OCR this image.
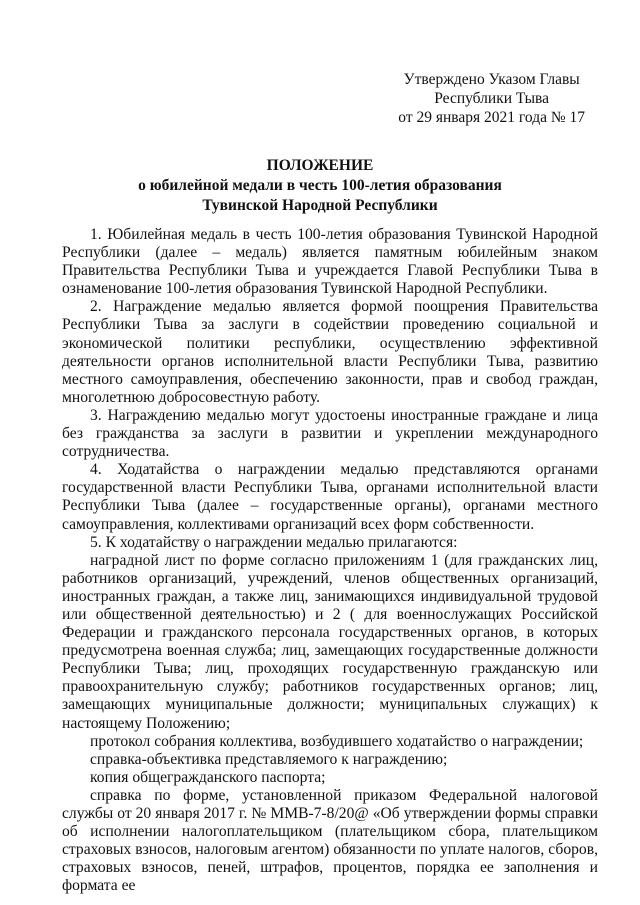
Утверждено Указом Главы
Республики Тыва
от 29 января 2021 года № 17
ПОЛОЖЕНИЕ
о юбилейной медали в честь 100-летия образования
Тувинской Народной Республики

1. Юбилейная медаль в честь 100-летия образования Тувинской Народной Республики (далее – медаль) является памятным юбилейным знаком Правительства Республики Тыва и учреждается Главой Республики Тыва в ознаменование 100-летия образования Тувинской Народной Республики.

2. Награждение медалью является формой поощрения Правительства Республики Тыва за заслуги в содействии проведению социальной и экономической политики республики, осуществлению эффективной деятельности органов исполнительной власти Республики Тыва, развитию местного самоуправления, обеспечению законности, прав и свобод граждан, многолетнюю добросовестную работу.

3. Награждению медалью могут удостоены иностранные граждане и лица без гражданства за заслуги в развитии и укреплении международного сотрудничества.

4. Ходатайства о награждении медалью представляются органами государственной власти Республики Тыва, органами исполнительной власти Республики Тыва (далее – государственные органы), органами местного самоуправления, коллективами организаций всех форм собственности.

5. К ходатайству о награждении медалью прилагаются:

наградной лист по форме согласно приложениям 1 (для гражданских лиц, работников организаций, учреждений, членов общественных организаций, иностранных граждан, а также лиц, занимающихся индивидуальной трудовой или общественной деятельностью) и 2 ( для военнослужащих Российской Федерации и гражданского персонала государственных органов, в которых предусмотрена военная служба; лиц, замещающих государственные должности Республики Тыва; лиц, проходящих государственную гражданскую или правоохранительную службу; работников государственных органов; лиц, замещающих муниципальные должности; муниципальных служащих) к настоящему Положению;

протокол собрания коллектива, возбудившего ходатайство о награждении;

справка-объективка представляемого к награждению;

копия общегражданского паспорта;

справка по форме, установленной приказом Федеральной налоговой службы от 20 января 2017 г. № ММВ-7-8/20@ «Об утверждении формы справки об исполнении налогоплательщиком (плательщиком сбора, плательщиком страховых взносов, налоговым агентом) обязанности по уплате налогов, сборов, страховых взносов, пеней, штрафов, процентов, порядка ее заполнения и формата ее
